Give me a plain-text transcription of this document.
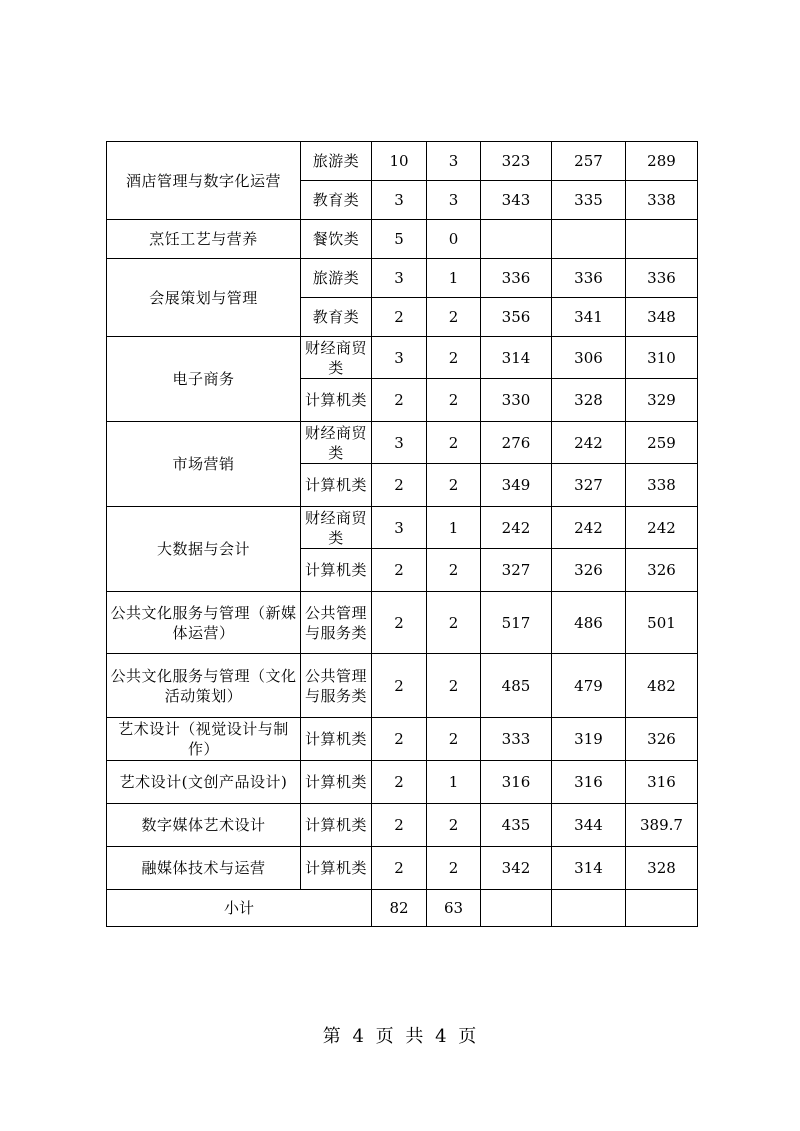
酒店管理与数字化运营	旅游类	10	3	323	257	289
	教育类	3	3	343	335	338
烹饪工艺与营养	餐饮类	5	0			
会展策划与管理	旅游类	3	1	336	336	336
	教育类	2	2	356	341	348
电子商务	财经商贸类	3	2	314	306	310
	计算机类	2	2	330	328	329
市场营销	财经商贸类	3	2	276	242	259
	计算机类	2	2	349	327	338
大数据与会计	财经商贸类	3	1	242	242	242
	计算机类	2	2	327	326	326
公共文化服务与管理（新媒体运营）	公共管理与服务类	2	2	517	486	501
公共文化服务与管理（文化活动策划）	公共管理与服务类	2	2	485	479	482
艺术设计（视觉设计与制作）	计算机类	2	2	333	319	326
艺术设计(文创产品设计)	计算机类	2	1	316	316	316
数字媒体艺术设计	计算机类	2	2	435	344	389.7
融媒体技术与运营	计算机类	2	2	342	314	328
小计		82	63			
第 4 页 共 4 页
